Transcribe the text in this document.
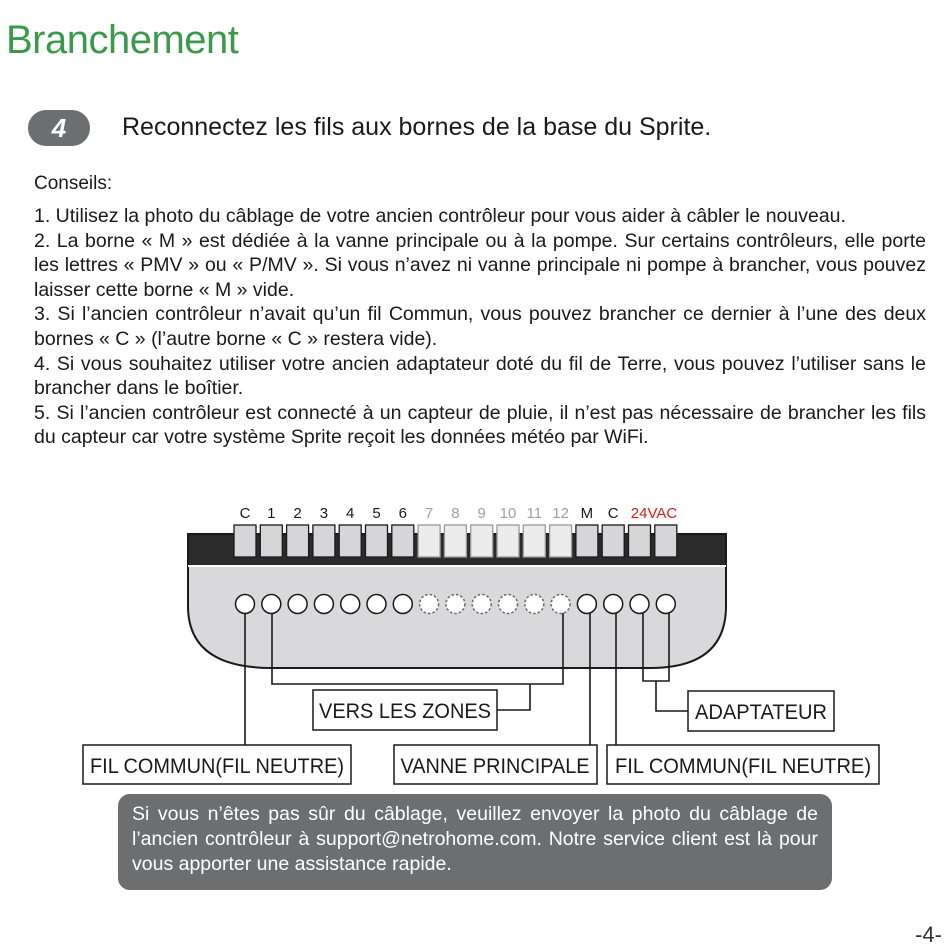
Branchement
4	Reconnectez les fils aux bornes de la base du Sprite.
Conseils:

1. Utilisez la photo du câblage de votre ancien contrôleur pour vous aider à câbler le nouveau.

2. La borne « M » est dédiée à la vanne principale ou à la pompe. Sur certains contrôleurs, elle porte les lettres « PMV » ou « P/MV ». Si vous n’avez ni vanne principale ni pompe à brancher, vous pouvez laisser cette borne « M » vide.

3. Si l’ancien contrôleur n’avait qu’un fil Commun, vous pouvez brancher ce dernier à l’une des deux bornes « C » (l’autre borne « C » restera vide).

4. Si vous souhaitez utiliser votre ancien adaptateur doté du fil de Terre, vous pouvez l’utiliser sans le brancher dans le boîtier.

5. Si l’ancien contrôleur est connecté à un capteur de pluie, il n’est pas nécessaire de brancher les fils du capteur car votre système Sprite reçoit les données météo par WiFi.

C 1 2 3 4 5 6 7 8 9 10 11 12 M C 24VAC
VERS LES ZONES	ADAPTATEUR
FIL COMMUN(FIL NEUTRE)	VANNE PRINCIPALE FIL COMMUN(FIL NEUTRE)
Si vous n’êtes pas sûr du câblage, veuillez envoyer la photo du câblage de l’ancien contrôleur à support@netrohome.com. Notre service client est là pour vous apporter une assistance rapide.
-4-
